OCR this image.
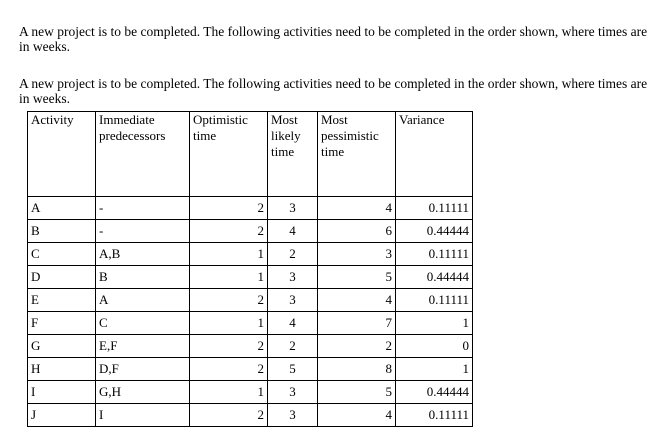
A new project is to be completed. The following activities need to be completed in the order shown, where times are in weeks.
A new project is to be completed. The following activities need to be completed in the order shown, where times are in weeks.
Activity	Immediate predecessors	Optimistic time	Most likely time	Most pessimistic time	Variance
A	-	2	3	4	0.11111
B	-	2	4	6	0.44444
C	A,B	1	2	3	0.11111
D	B	1	3	5	0.44444
E	A	2	3	4	0.11111
F	C	1	4	7	1
G	E,F	2	2	2	0
H	D,F	2	5	8	1
I	G,H	1	3	5	0.44444
J	I	2	3	4	0.11111
